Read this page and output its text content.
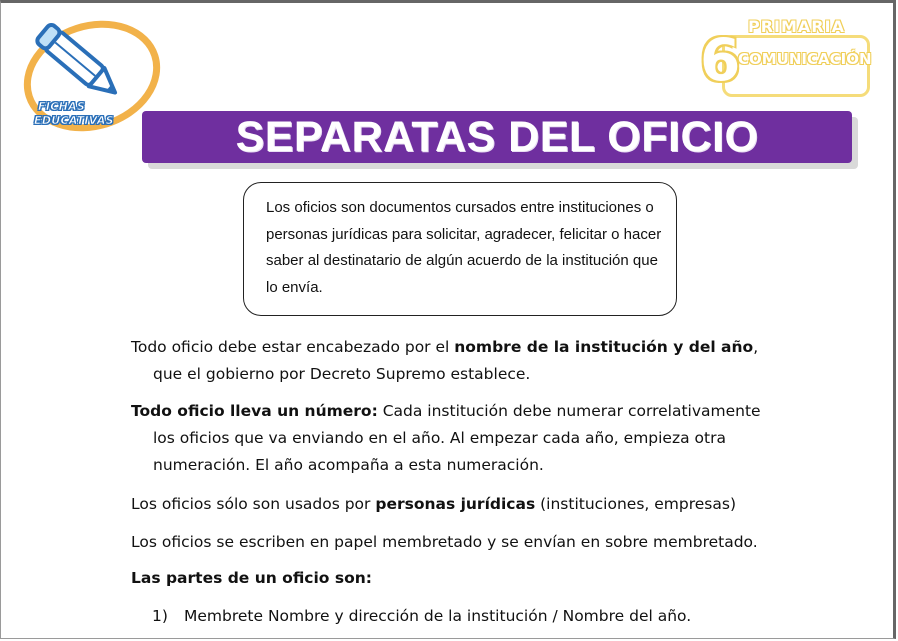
FICHAS
EDUCATIVAS
PRIMARIA
6
COMUNICACIÓN
SEPARATAS DEL OFICIO

Los oficios son documentos cursados entre instituciones o personas jurídicas para solicitar, agradecer, felicitar o hacer saber al destinatario de algún acuerdo de la institución que lo envía.

Todo oficio debe estar encabezado por el nombre de la institución y del año,
que el gobierno por Decreto Supremo establece.

Todo oficio lleva un número: Cada institución debe numerar correlativamente
los oficios que va enviando en el año. Al empezar cada año, empieza otra
numeración. El año acompaña a esta numeración.

Los oficios sólo son usados por personas jurídicas (instituciones, empresas)

Los oficios se escriben en papel membretado y se envían en sobre membretado.

Las partes de un oficio son:

1) Membrete Nombre y dirección de la institución / Nombre del año.
